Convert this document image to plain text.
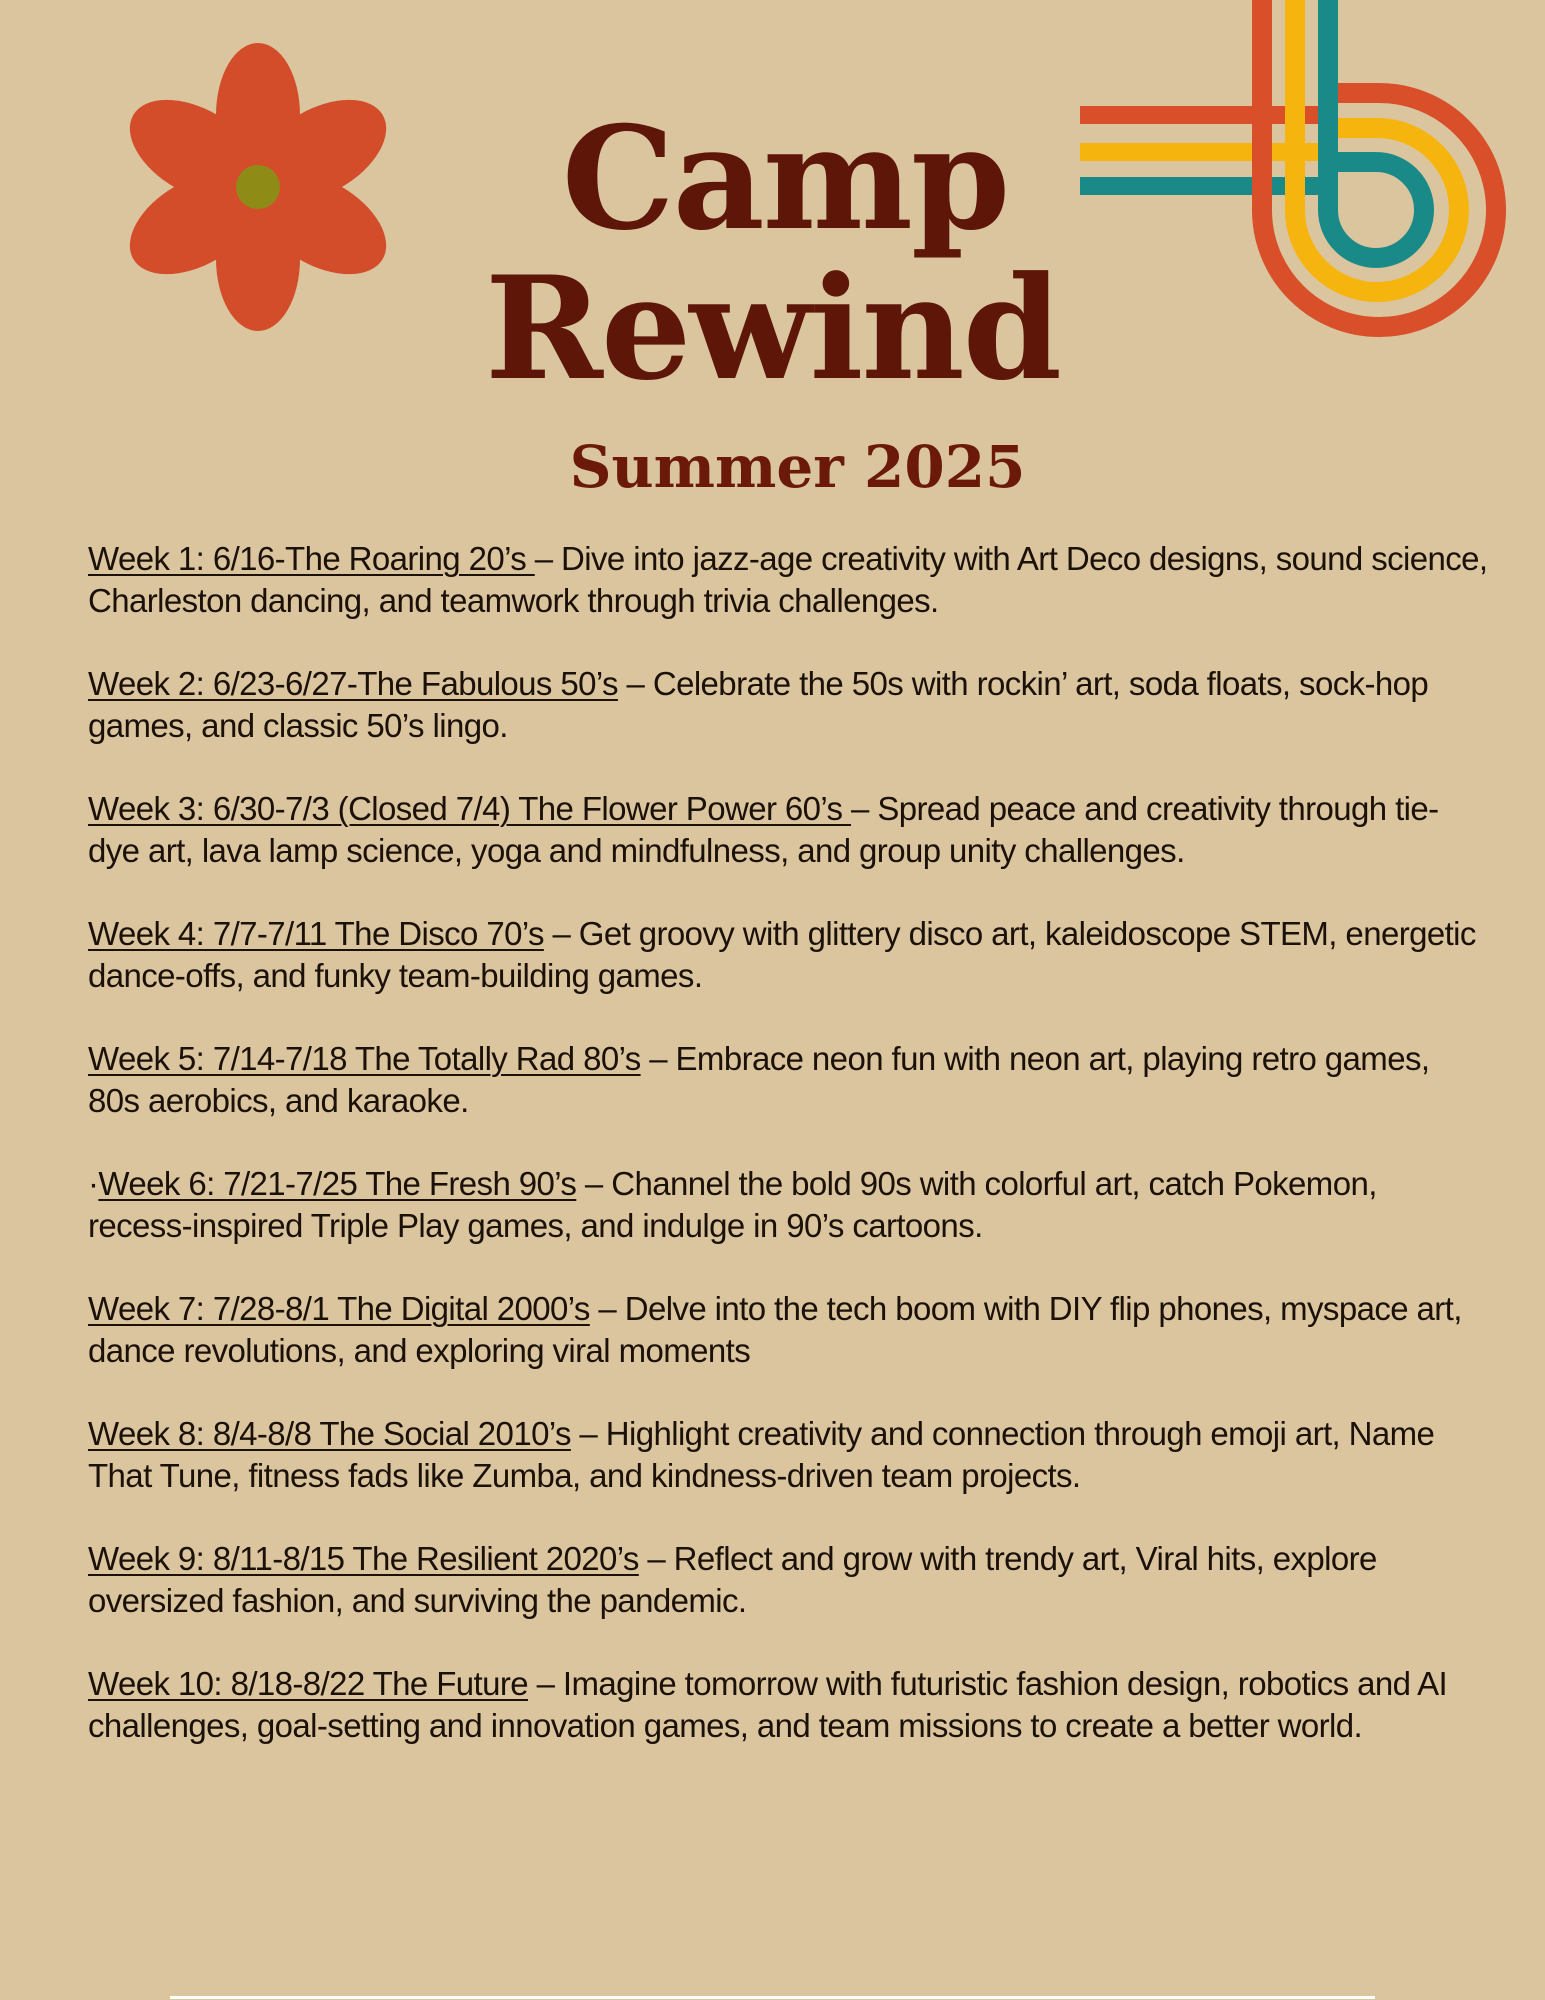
Camp
Rewind
Summer 2025
Week 1: 6/16-The Roaring 20’s – Dive into jazz-age creativity with Art Deco designs, sound science, Charleston dancing, and teamwork through trivia challenges.
Week 2: 6/23-6/27-The Fabulous 50’s – Celebrate the 50s with rockin’ art, soda floats, sock-hop games, and classic 50’s lingo.
Week 3: 6/30-7/3 (Closed 7/4) The Flower Power 60’s – Spread peace and creativity through tie-dye art, lava lamp science, yoga and mindfulness, and group unity challenges.
Week 4: 7/7-7/11 The Disco 70’s – Get groovy with glittery disco art, kaleidoscope STEM, energetic dance-offs, and funky team-building games.
Week 5: 7/14-7/18 The Totally Rad 80’s – Embrace neon fun with neon art, playing retro games, 80s aerobics, and karaoke.
·Week 6: 7/21-7/25 The Fresh 90’s – Channel the bold 90s with colorful art, catch Pokemon, recess-inspired Triple Play games, and indulge in 90’s cartoons.
Week 7: 7/28-8/1 The Digital 2000’s – Delve into the tech boom with DIY flip phones, myspace art, dance revolutions, and exploring viral moments
Week 8: 8/4-8/8 The Social 2010’s – Highlight creativity and connection through emoji art, Name That Tune, fitness fads like Zumba, and kindness-driven team projects.
Week 9: 8/11-8/15 The Resilient 2020’s – Reflect and grow with trendy art, Viral hits, explore oversized fashion, and surviving the pandemic.
Week 10: 8/18-8/22 The Future – Imagine tomorrow with futuristic fashion design, robotics and AI challenges, goal-setting and innovation games, and team missions to create a better world.
